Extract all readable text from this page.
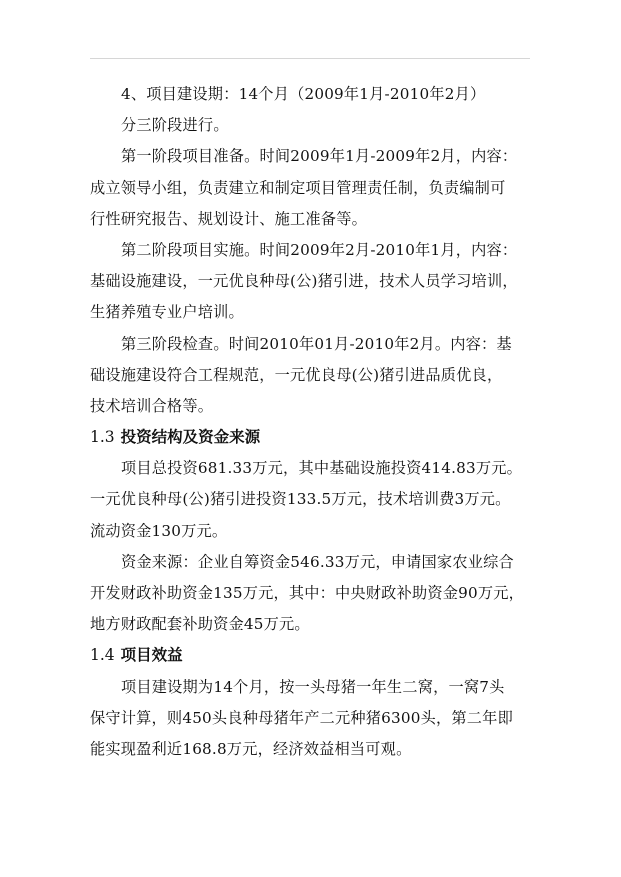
4、项目建设期：14个月（2009年1月-2010年2月）
分三阶段进行。
第一阶段项目准备。时间2009年1月-2009年2月，内容：
成立领导小组，负责建立和制定项目管理责任制，负责编制可
行性研究报告、规划设计、施工准备等。
第二阶段项目实施。时间2009年2月-2010年1月，内容：
基础设施建设，一元优良种母(公)猪引进，技术人员学习培训，
生猪养殖专业户培训。
第三阶段检查。时间2010年01月-2010年2月。内容：基
础设施建设符合工程规范，一元优良母(公)猪引进品质优良，
技术培训合格等。
1.3 投资结构及资金来源
项目总投资681.33万元，其中基础设施投资414.83万元。
一元优良种母(公)猪引进投资133.5万元，技术培训费3万元。
流动资金130万元。
资金来源：企业自筹资金546.33万元，申请国家农业综合
开发财政补助资金135万元，其中：中央财政补助资金90万元，
地方财政配套补助资金45万元。
1.4 项目效益
项目建设期为14个月，按一头母猪一年生二窝，一窝7头
保守计算，则450头良种母猪年产二元种猪6300头，第二年即
能实现盈利近168.8万元，经济效益相当可观。
